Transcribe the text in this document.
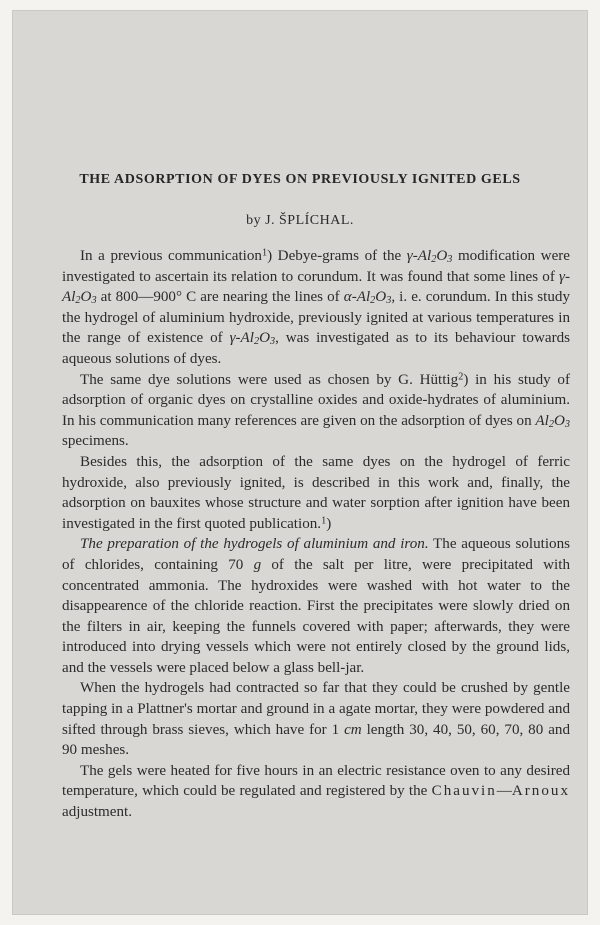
THE ADSORPTION OF DYES ON PREVIOUSLY IGNITED GELS
by J. ŠPLÍCHAL.

In a previous communication$^1$) Debye-grams of the $\gamma-Al_2O_3$ modification were investigated to ascertain its relation to corundum. It was found that some lines of $\gamma-Al_2O_3$ at 800—900° C are nearing the lines of $\alpha-Al_2O_3$, i. e. corundum. In this study the hydrogel of aluminium hydroxide, previously ignited at various temperatures in the range of existence of $\gamma-Al_2O_3$, was investigated as to its behaviour towards aqueous solutions of dyes.

The same dye solutions were used as chosen by G. Hüttig$^2$) in his study of adsorption of organic dyes on crystalline oxides and oxide-hydrates of aluminium. In his communication many references are given on the adsorption of dyes on $Al_2O_3$ specimens.

Besides this, the adsorption of the same dyes on the hydrogel of ferric hydroxide, also previously ignited, is described in this work and, finally, the adsorption on bauxites whose structure and water sorption after ignition have been investigated in the first quoted publication.$^1$)

The preparation of the hydrogels of aluminium and iron. The aqueous solutions of chlorides, containing 70 g of the salt per litre, were precipitated with concentrated ammonia. The hydroxides were washed with hot water to the disappearence of the chloride reaction. First the precipitates were slowly dried on the filters in air, keeping the funnels covered with paper; afterwards, they were introduced into drying vessels which were not entirely closed by the ground lids, and the vessels were placed below a glass bell-jar.

When the hydrogels had contracted so far that they could be crushed by gentle tapping in a Plattner's mortar and ground in a agate mortar, they were powdered and sifted through brass sieves, which have for 1 cm length 30, 40, 50, 60, 70, 80 and 90 meshes.

The gels were heated for five hours in an electric resistance oven to any desired temperature, which could be regulated and registered by the Chauvin—Arnoux adjustment.
